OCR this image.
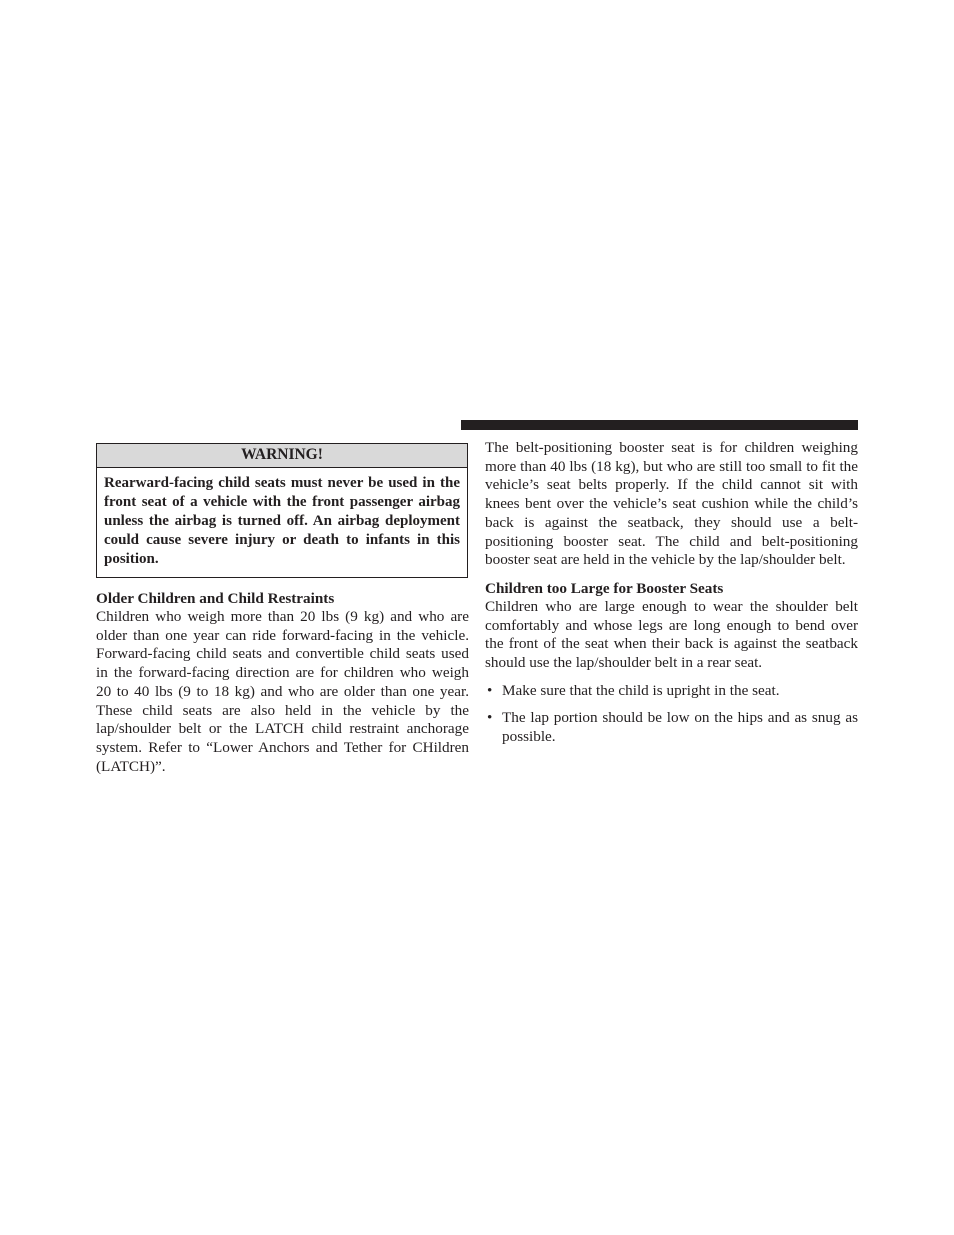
WARNING!
Rearward-facing child seats must never be used in the front seat of a vehicle with the front passenger airbag unless the airbag is turned off. An airbag deployment could cause severe injury or death to infants in this position.
Older Children and Child Restraints

Children who weigh more than 20 lbs (9 kg) and who are older than one year can ride forward-facing in the vehicle. Forward-facing child seats and convertible child seats used in the forward-facing direction are for children who weigh 20 to 40 lbs (9 to 18 kg) and who are older than one year. These child seats are also held in the vehicle by the lap/shoulder belt or the LATCH child restraint anchorage system. Refer to “Lower Anchors and Tether for CHildren (LATCH)”.

The belt-positioning booster seat is for children weighing more than 40 lbs (18 kg), but who are still too small to fit the vehicle’s seat belts properly. If the child cannot sit with knees bent over the vehicle’s seat cushion while the child’s back is against the seatback, they should use a belt-positioning booster seat. The child and belt-positioning booster seat are held in the vehicle by the lap/shoulder belt.

Children too Large for Booster Seats

Children who are large enough to wear the shoulder belt comfortably and whose legs are long enough to bend over the front of the seat when their back is against the seatback should use the lap/shoulder belt in a rear seat.

• Make sure that the child is upright in the seat.
• The lap portion should be low on the hips and as snug as possible.
